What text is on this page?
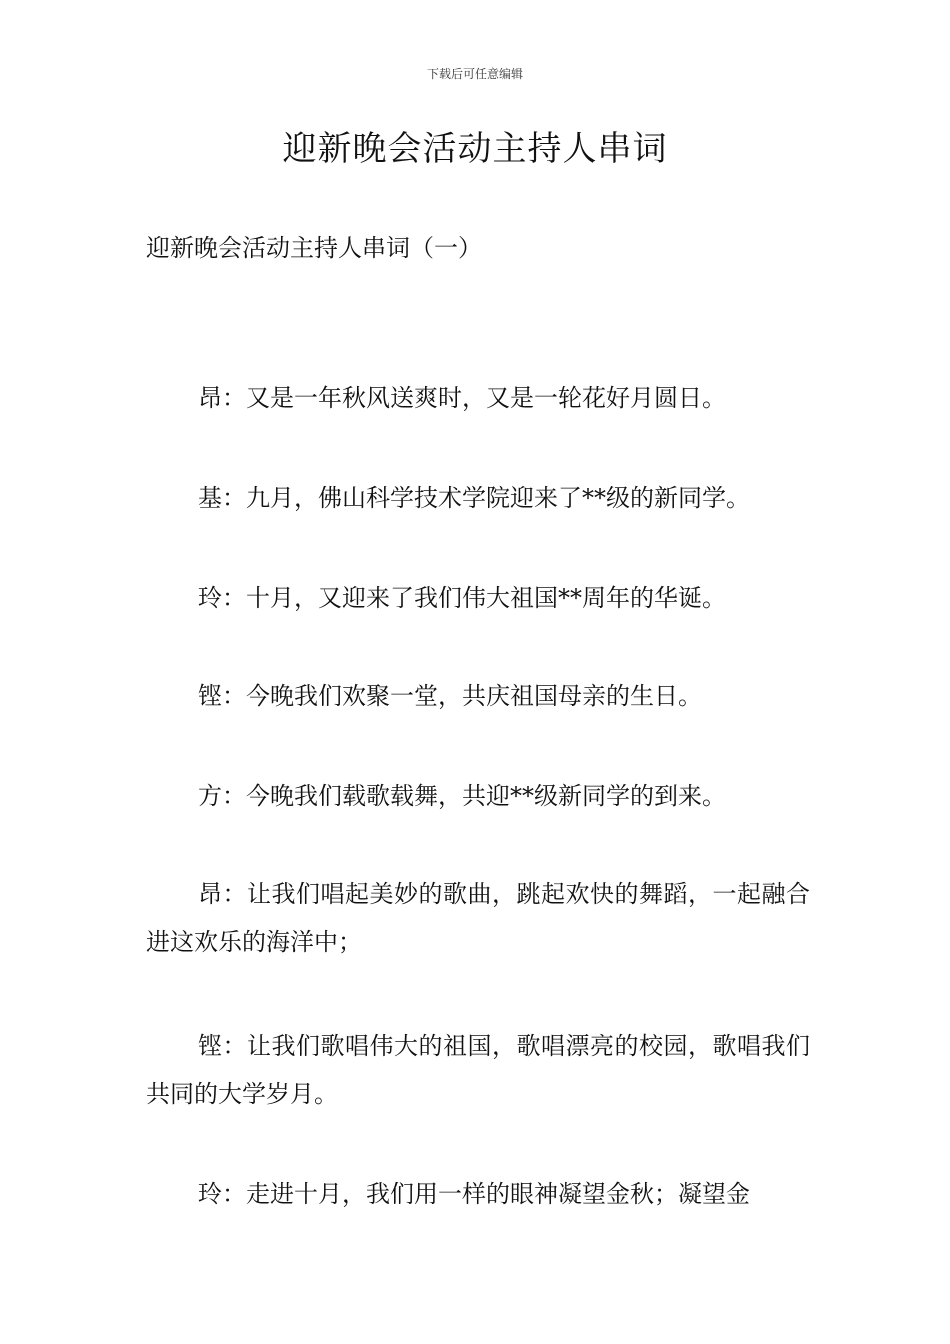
下载后可任意编辑
迎新晚会活动主持人串词
迎新晚会活动主持人串词（一）

昂：又是一年秋风送爽时，又是一轮花好月圆日。

基：九月，佛山科学技术学院迎来了**级的新同学。

玲：十月，又迎来了我们伟大祖国**周年的华诞。

铿：今晚我们欢聚一堂，共庆祖国母亲的生日。

方：今晚我们载歌载舞，共迎**级新同学的到来。

昂：让我们唱起美妙的歌曲，跳起欢快的舞蹈，一起融合进这欢乐的海洋中；

铿：让我们歌唱伟大的祖国，歌唱漂亮的校园，歌唱我们共同的大学岁月。

玲：走进十月，我们用一样的眼神凝望金秋；凝望金
